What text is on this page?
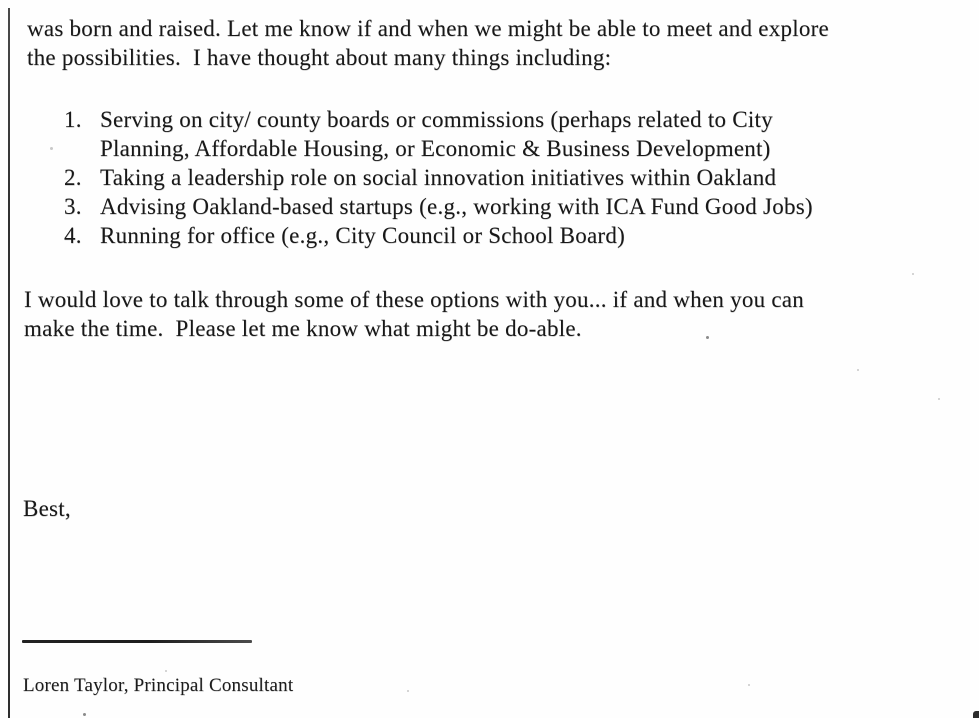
was born and raised. Let me know if and when we might be able to meet and explore
the possibilities.  I have thought about many things including:
1. Serving on city/ county boards or commissions (perhaps related to City
Planning, Affordable Housing, or Economic & Business Development)
2. Taking a leadership role on social innovation initiatives within Oakland
3. Advising Oakland-based startups (e.g., working with ICA Fund Good Jobs)
4. Running for office (e.g., City Council or School Board)
I would love to talk through some of these options with you... if and when you can
make the time.  Please let me know what might be do-able.
Best,
Loren Taylor, Principal Consultant
